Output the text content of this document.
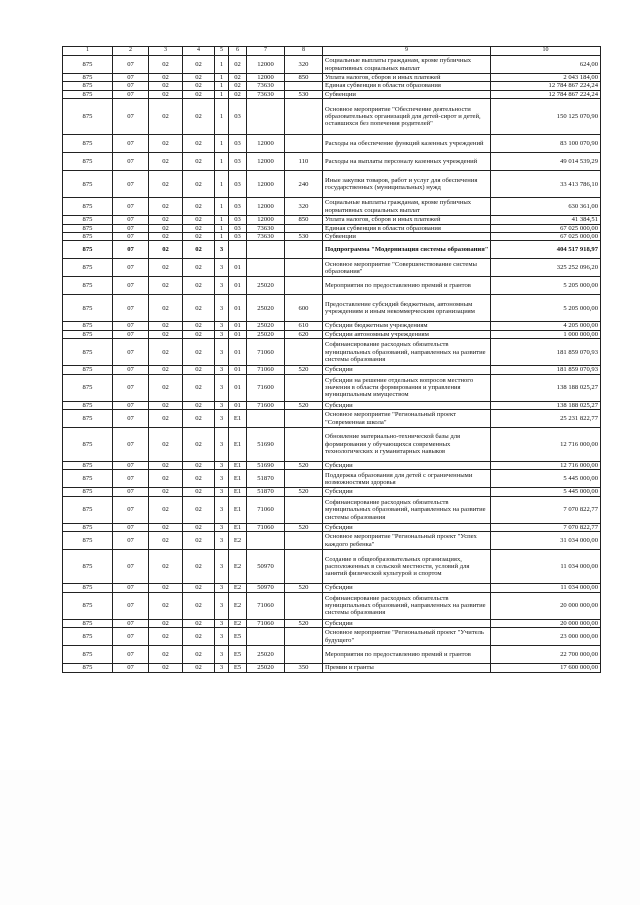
1	2	3	4	5	6	7	8	9	10
875	07	02	02	1	02	12000	320	Социальные выплаты гражданам, кроме публичных нормативных социальных выплат	624,00
875	07	02	02	1	02	12000	850	Уплата налогов, сборов и иных платежей	2 043 184,00
875	07	02	02	1	02	73630		Единая субвенция в области образования	12 784 867 224,24
875	07	02	02	1	02	73630	530	Субвенции	12 784 867 224,24
875	07	02	02	1	03			Основное мероприятие "Обеспечение деятельности образовательных организаций для детей-сирот и детей, оставшихся без попечения родителей"	150 125 070,90
875	07	02	02	1	03	12000		Расходы на обеспечение функций казенных учреждений	83 100 070,90
875	07	02	02	1	03	12000	110	Расходы на выплаты персоналу казенных учреждений	49 014 539,29
875	07	02	02	1	03	12000	240	Иные закупки товаров, работ и услуг для обеспечения государственных (муниципальных) нужд	33 413 786,10
875	07	02	02	1	03	12000	320	Социальные выплаты гражданам, кроме публичных нормативных социальных выплат	630 361,00
875	07	02	02	1	03	12000	850	Уплата налогов, сборов и иных платежей	41 384,51
875	07	02	02	1	03	73630		Единая субвенция в области образования	67 025 000,00
875	07	02	02	1	03	73630	530	Субвенции	67 025 000,00
875	07	02	02	3				Подпрограмма "Модернизация системы образования"	404 517 918,97
875	07	02	02	3	01			Основное мероприятие "Совершенствование системы образования"	325 252 096,20
875	07	02	02	3	01	25020		Мероприятия по предоставлению премий и грантов	5 205 000,00
875	07	02	02	3	01	25020	600	Предоставление субсидий бюджетным, автономным учреждениям и иным некоммерческим организациям	5 205 000,00
875	07	02	02	3	01	25020	610	Субсидии бюджетным учреждениям	4 205 000,00
875	07	02	02	3	01	25020	620	Субсидии автономным учреждениям	1 000 000,00
875	07	02	02	3	01	71060		Софинансирование расходных обязательств муниципальных образований, направленных на развитие системы образования	181 859 070,93
875	07	02	02	3	01	71060	520	Субсидии	181 859 070,93
875	07	02	02	3	01	71600		Субсидии на решение отдельных вопросов местного значения в области формирования и управления муниципальным имуществом	138 188 025,27
875	07	02	02	3	01	71600	520	Субсидии	138 188 025,27
875	07	02	02	3	E1			Основное мероприятие "Региональный проект "Современная школа"	25 231 822,77
875	07	02	02	3	E1	51690		Обновление материально-технической базы для формирования у обучающихся современных технологических и гуманитарных навыков	12 716 000,00
875	07	02	02	3	E1	51690	520	Субсидии	12 716 000,00
875	07	02	02	3	E1	51870		Поддержка образования для детей с ограниченными возможностями здоровья	5 445 000,00
875	07	02	02	3	E1	51870	520	Субсидии	5 445 000,00
875	07	02	02	3	E1	71060		Софинансирование расходных обязательств муниципальных образований, направленных на развитие системы образования	7 070 822,77
875	07	02	02	3	E1	71060	520	Субсидии	7 070 822,77
875	07	02	02	3	E2			Основное мероприятие "Региональный проект "Успех каждого ребенка"	31 034 000,00
875	07	02	02	3	E2	50970		Создание в общеобразовательных организациях, расположенных в сельской местности, условий для занятий физической культурой и спортом	11 034 000,00
875	07	02	02	3	E2	50970	520	Субсидии	11 034 000,00
875	07	02	02	3	E2	71060		Софинансирование расходных обязательств муниципальных образований, направленных на развитие системы образования	20 000 000,00
875	07	02	02	3	E2	71060	520	Субсидии	20 000 000,00
875	07	02	02	3	E5			Основное мероприятие "Региональный проект "Учитель будущего"	23 000 000,00
875	07	02	02	3	E5	25020		Мероприятия по предоставлению премий и грантов	22 700 000,00
875	07	02	02	3	E5	25020	350	Премии и гранты	17 600 000,00
